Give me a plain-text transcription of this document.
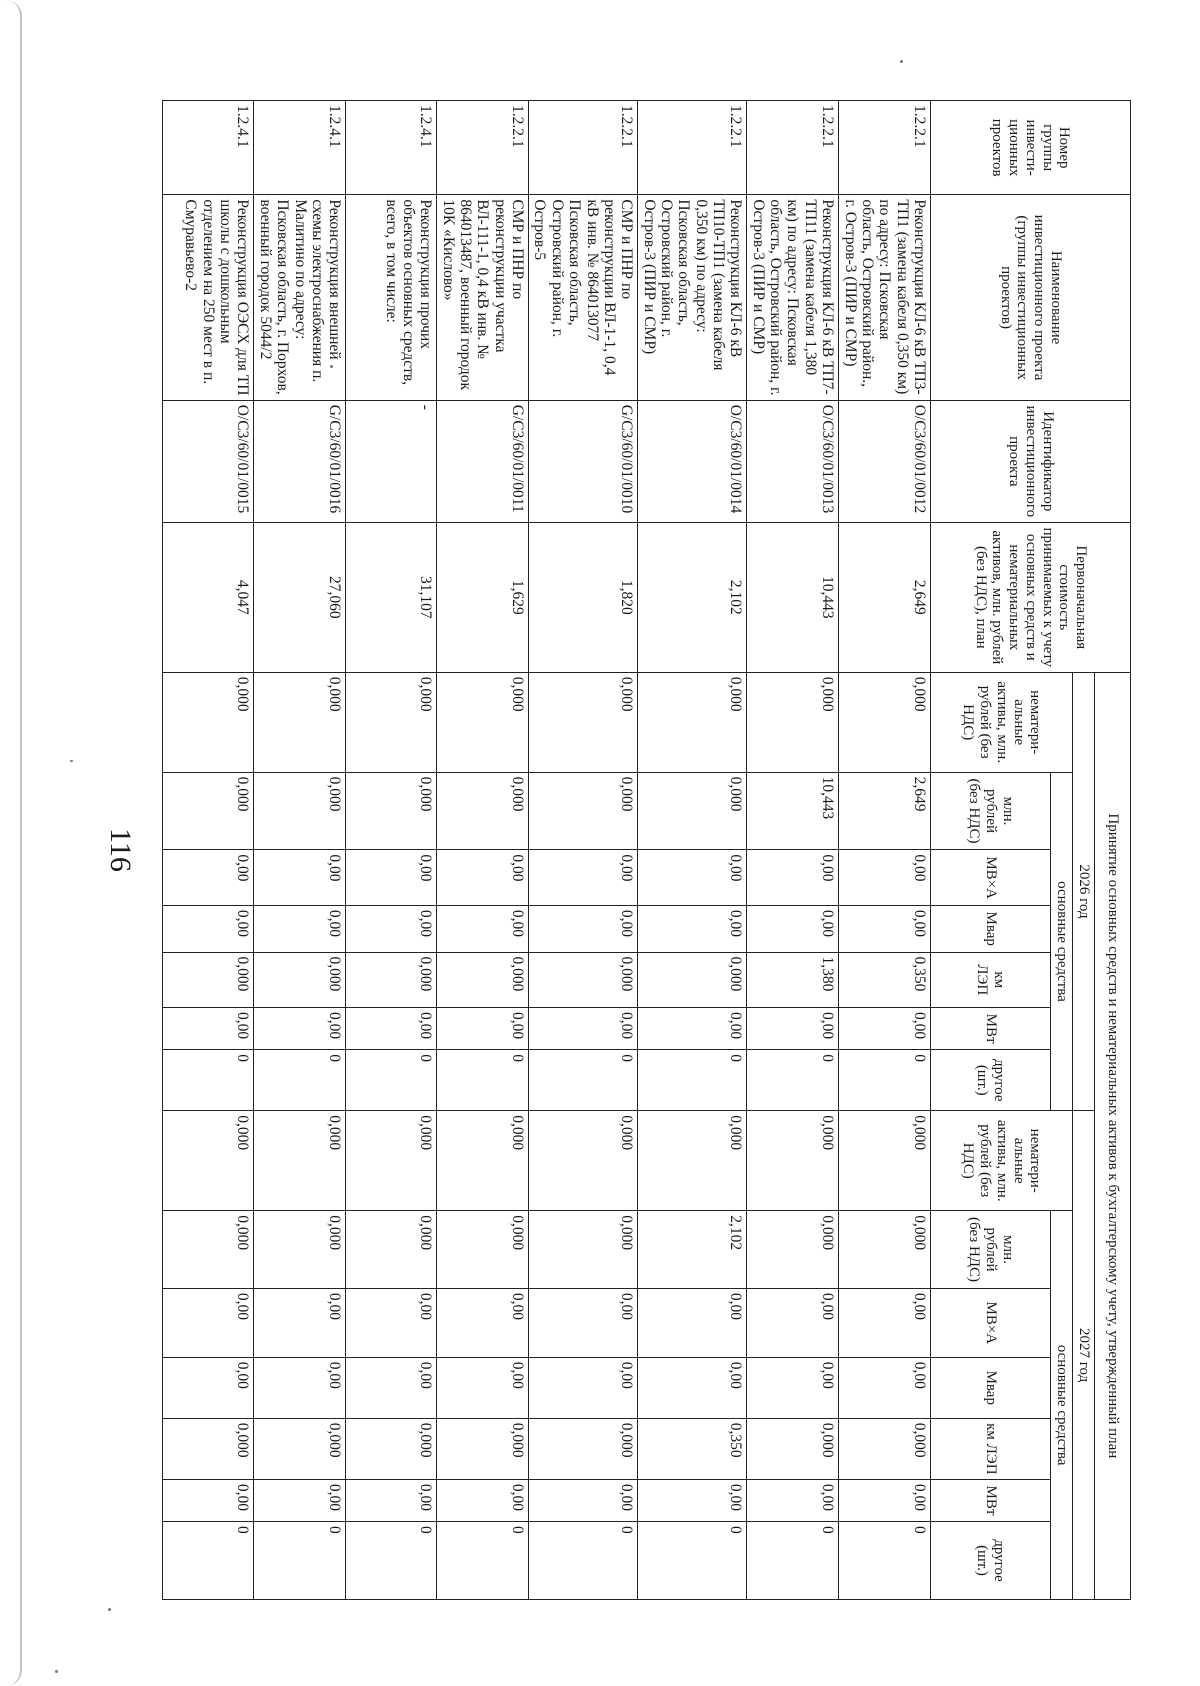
116
Номер группы инвести-ционных проектов	Наименование инвестиционного проекта (группы инвестиционных проектов)	Идентификатор инвестиционного проекта	Первоначальная стоимость принимаемых к учету основных средств и нематериальных активов, млн. рублей (без НДС), план	Принятие основных средств и нематериальных активов к бухгалтерскому учету, утвержденный план													
				2026 год							2027 год						
				нематери-альные активы, млн. рублей (без НДС)	основные средства						нематери-альные активы, млн. рублей (без НДС)	основные средства					
					млн. рублей (без НДС)	МВ×А	Мвар	км ЛЭП	МВт	другое (шт.)		млн. рублей (без НДС)	МВ×А	Мвар	км ЛЭП	МВт	другое (шт.)
1.2.2.1	Реконструкция КЛ-6 кВ ТП3-ТП1 (замена кабеля 0,350 км) по адресу: Псковская область, Островский район., г. Остров-3 (ПИР и СМР)	O/C3/60/01/0012	2,649	0,000	2,649	0,00	0,00	0,350	0,00	0	0,000	0,000	0,00	0,00	0,000	0,00	0
1.2.2.1	Реконструкция КЛ-6 кВ ТП7-ТП11 (замена кабеля 1,380 км) по адресу: Псковская область, Островский район, г. Остров-3 (ПИР и СМР)	O/C3/60/01/0013	10,443	0,000	10,443	0,00	0,00	1,380	0,00	0	0,000	0,000	0,00	0,00	0,000	0,00	0
1.2.2.1	Реконструкция КЛ-6 кВ ТП10-ТП1 (замена кабеля 0,350 км) по адресу: Псковская область, Островский район, г. Остров-3 (ПИР и СМР)	O/C3/60/01/0014	2,102	0,000	0,000	0,00	0,00	0,000	0,00	0	0,000	2,102	0,00	0,00	0,350	0,00	0
1.2.2.1	СМР и ПНР по реконструкции ВЛ-1-1, 0,4 кВ инв. № 864013077 Псковская область, Островский район, г. Остров-5	G/C3/60/01/0010	1,820	0,000	0,000	0,00	0,00	0,000	0,00	0	0,000	0,000	0,00	0,00	0,000	0,00	0
1.2.2.1	СМР и ПНР по реконструкции участка ВЛ-111-1, 0,4 кВ инв. № 864013487, военный городок 10К «Кислово»	G/C3/60/01/0011	1,629	0,000	0,000	0,00	0,00	0,000	0,00	0	0,000	0,000	0,00	0,00	0,000	0,00	0
1.2.4.1	Реконструкция прочих объектов основных средств, всего, в том числе:	-	31,107	0,000	0,000	0,00	0,00	0,000	0,00	0	0,000	0,000	0,00	0,00	0,000	0,00	0
1.2.4.1	Реконструкция внешней схемы электроснабжения п. Малитино по адресу: Псковская область, г. Порхов, военный городок 5044/2	G/C3/60/01/0016	27,060	0,000	0,000	0,00	0,00	0,000	0,00	0	0,000	0,000	0,00	0,00	0,000	0,00	0
1.2.4.1	Реконструкция ОЭСХ для ТП школы с дошкольным отделением на 250 мест в п. Смуравьево-2	O/C3/60/01/0015	4,047	0,000	0,000	0,00	0,00	0,000	0,00	0	0,000	0,000	0,00	0,00	0,000	0,00	0
